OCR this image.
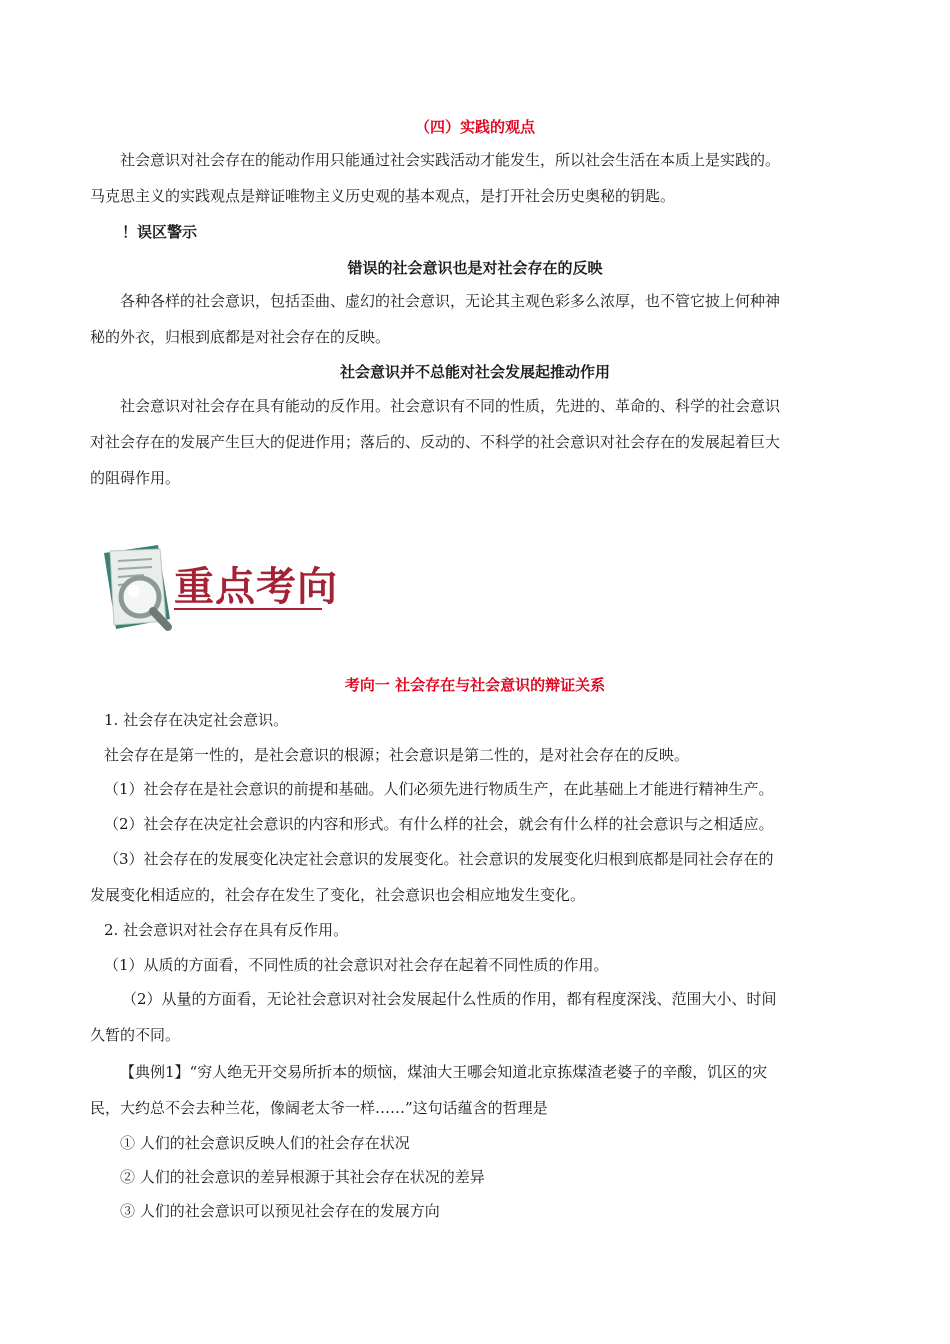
（四）实践的观点
社会意识对社会存在的能动作用只能通过社会实践活动才能发生，所以社会生活在本质上是实践的。
马克思主义的实践观点是辩证唯物主义历史观的基本观点，是打开社会历史奥秘的钥匙。
！误区警示
错误的社会意识也是对社会存在的反映
各种各样的社会意识，包括歪曲、虚幻的社会意识，无论其主观色彩多么浓厚，也不管它披上何种神
秘的外衣，归根到底都是对社会存在的反映。
社会意识并不总能对社会发展起推动作用
社会意识对社会存在具有能动的反作用。社会意识有不同的性质，先进的、革命的、科学的社会意识
对社会存在的发展产生巨大的促进作用；落后的、反动的、不科学的社会意识对社会存在的发展起着巨大
的阻碍作用。
重点考向
考向一 社会存在与社会意识的辩证关系
1. 社会存在决定社会意识。
社会存在是第一性的，是社会意识的根源；社会意识是第二性的，是对社会存在的反映。
（1）社会存在是社会意识的前提和基础。人们必须先进行物质生产，在此基础上才能进行精神生产。
（2）社会存在决定社会意识的内容和形式。有什么样的社会，就会有什么样的社会意识与之相适应。
（3）社会存在的发展变化决定社会意识的发展变化。社会意识的发展变化归根到底都是同社会存在的
发展变化相适应的，社会存在发生了变化，社会意识也会相应地发生变化。
2. 社会意识对社会存在具有反作用。
（1）从质的方面看，不同性质的社会意识对社会存在起着不同性质的作用。
（2）从量的方面看，无论社会意识对社会发展起什么性质的作用，都有程度深浅、范围大小、时间
久暂的不同。
【典例1】“穷人绝无开交易所折本的烦恼，煤油大王哪会知道北京拣煤渣老婆子的辛酸，饥区的灾
民，大约总不会去种兰花，像阔老太爷一样……”这句话蕴含的哲理是
① 人们的社会意识反映人们的社会存在状况
② 人们的社会意识的差异根源于其社会存在状况的差异
③ 人们的社会意识可以预见社会存在的发展方向
